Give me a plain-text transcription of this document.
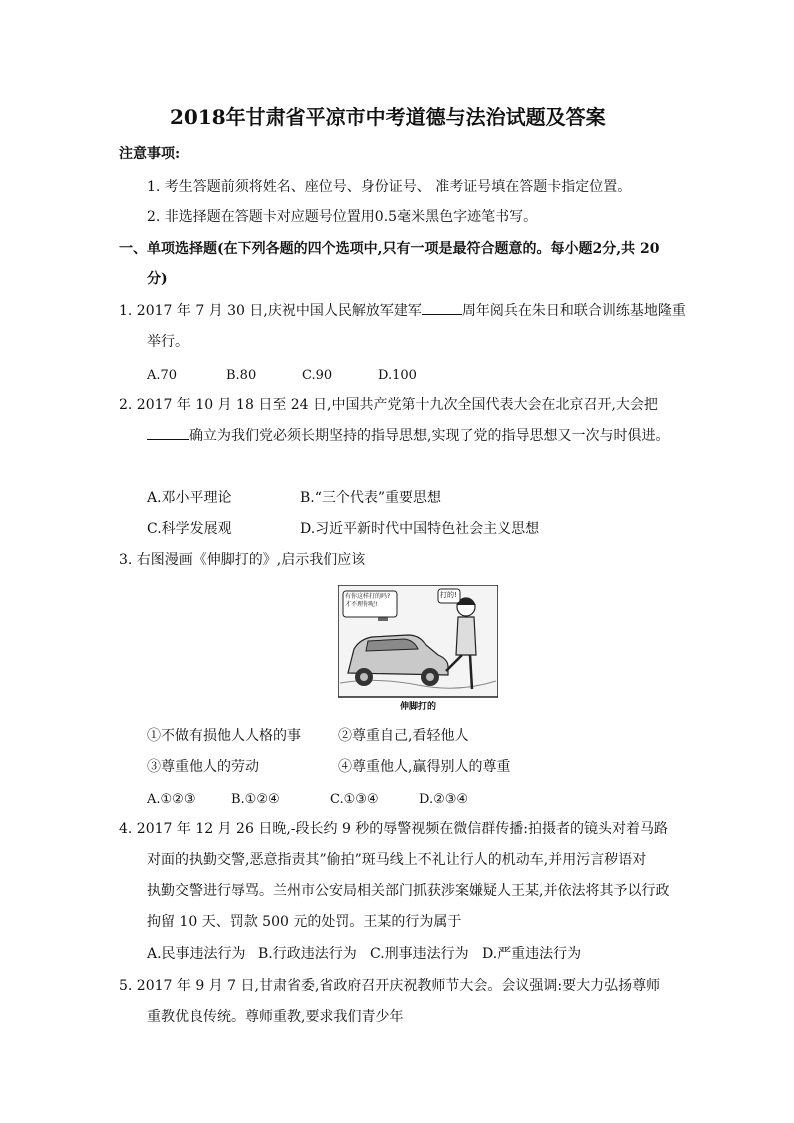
2018年甘肃省平凉市中考道德与法治试题及答案
注意事项:
1. 考生答题前须将姓名、座位号、身份证号、 准考证号填在答题卡指定位置。
2. 非选择题在答题卡对应题号位置用0.5毫米黑色字迹笔书写。
一、单项选择题(在下列各题的四个选项中,只有一项是最符合题意的。每小题2分,共 20
分)
1. 2017 年 7 月 30 日,庆祝中国人民解放军建军	周年阅兵在朱日和联合训练基地隆重
举行。
A.70	B.80	C.90	D.100
2. 2017 年 10 月 18 日至 24 日,中国共产党第十九次全国代表大会在北京召开,大会把
确立为我们党必须长期坚持的指导思想,实现了党的指导思想又一次与时俱进。
A.邓小平理论	B.“三个代表”重要思想
C.科学发展观	D.习近平新时代中国特色社会主义思想
3. 右图漫画《伸脚打的》,启示我们应该
有你这样打的吗? 才不理你呢!
打的!
伸脚打的
①不做有损他人人格的事	②尊重自己,看轻他人
③尊重他人的劳动	④尊重他人,赢得别人的尊重
A.①②③	B.①②④	C.①③④	D.②③④
4. 2017 年 12 月 26 日晚,-段长约 9 秒的辱警视频在微信群传播:拍摄者的镜头对着马路
对面的执勤交警,恶意指责其”偷拍”斑马线上不礼让行人的机动车,并用污言秽语对
执勤交警进行辱骂。兰州市公安局相关部门抓获涉案嫌疑人王某,并依法将其予以行政
拘留 10 天、罚款 500 元的处罚。王某的行为属于
A.民事违法行为 B.行政违法行为 C.刑事违法行为 D.严重违法行为
5. 2017 年 9 月 7 日,甘肃省委,省政府召开庆祝教师节大会。会议强调:要大力弘扬尊师
重教优良传统。尊师重教,要求我们青少年
